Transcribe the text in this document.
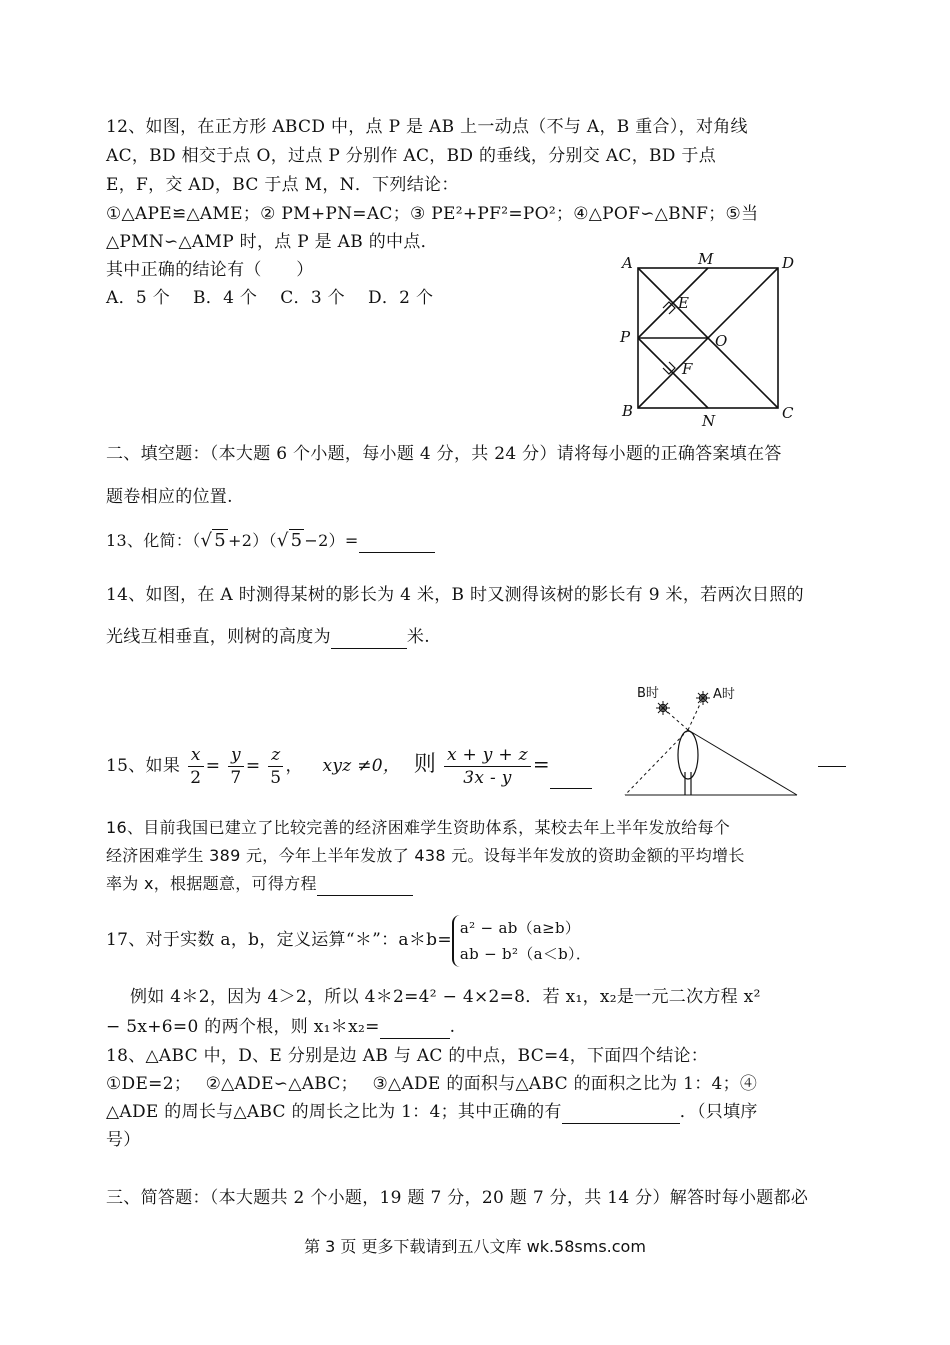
12、如图，在正方形 ABCD 中，点 P 是 AB 上一动点（不与 A，B 重合），对角线
AC，BD 相交于点 O，过点 P 分别作 AC，BD 的垂线，分别交 AC，BD 于点
E，F，交 AD，BC 于点 M，N．下列结论：
①△APE≌△AME；② PM+PN=AC；③ PE²+PF²=PO²；④△POF∽△BNF；⑤当
△PMN∽△AMP 时，点 P 是 AB 的中点．
其中正确的结论有（　　）
A．5 个　 B．4 个　 C．3 个　 D．2 个
A	M	D
E
P	O
F
B
N	C
二、填空题：（本大题 6 个小题，每小题 4 分，共 24 分）请将每小题的正确答案填在答
题卷相应的位置.
13、化简：（√ 5 +2）（√ 5 −2）=
14、如图，在 A 时测得某树的影长为 4 米，B 时又测得该树的影长有 9 米，若两次日照的
光线互相垂直，则树的高度为	米.
B时	A时
15、如果 $\frac{x}{2} = \frac{y}{7} = \frac{z}{5}$ ， xyz ≠0， 则 $\frac{x + y + z}{3x - y}$ =
16、目前我国已建立了比较完善的经济困难学生资助体系，某校去年上半年发放给每个
经济困难学生 389 元，今年上半年发放了 438 元。设每半年发放的资助金额的平均增长
率为 x，根据题意，可得方程
17、对于实数 a，b，定义运算“＊”：a＊b=
a² − ab（a≥b）
ab − b²（a＜b）．
例如 4＊2，因为 4＞2，所以 4＊2=4² − 4×2=8．若 x₁，x₂是一元二次方程 x²
− 5x+6=0 的两个根，则 x₁＊x₂=	.
18、△ABC 中，D、E 分别是边 AB 与 AC 的中点，BC=4，下面四个结论：
①DE=2；　 ②△ADE∽△ABC；　 ③△ADE 的面积与△ABC 的面积之比为 1：4；④
△ADE 的周长与△ABC 的周长之比为 1：4；其中正确的有	．（只填序
号）
三、简答题：（本大题共 2 个小题，19 题 7 分，20 题 7 分，共 14 分）解答时每小题都必
第 3 页 更多下载请到五八文库 wk.58sms.com
